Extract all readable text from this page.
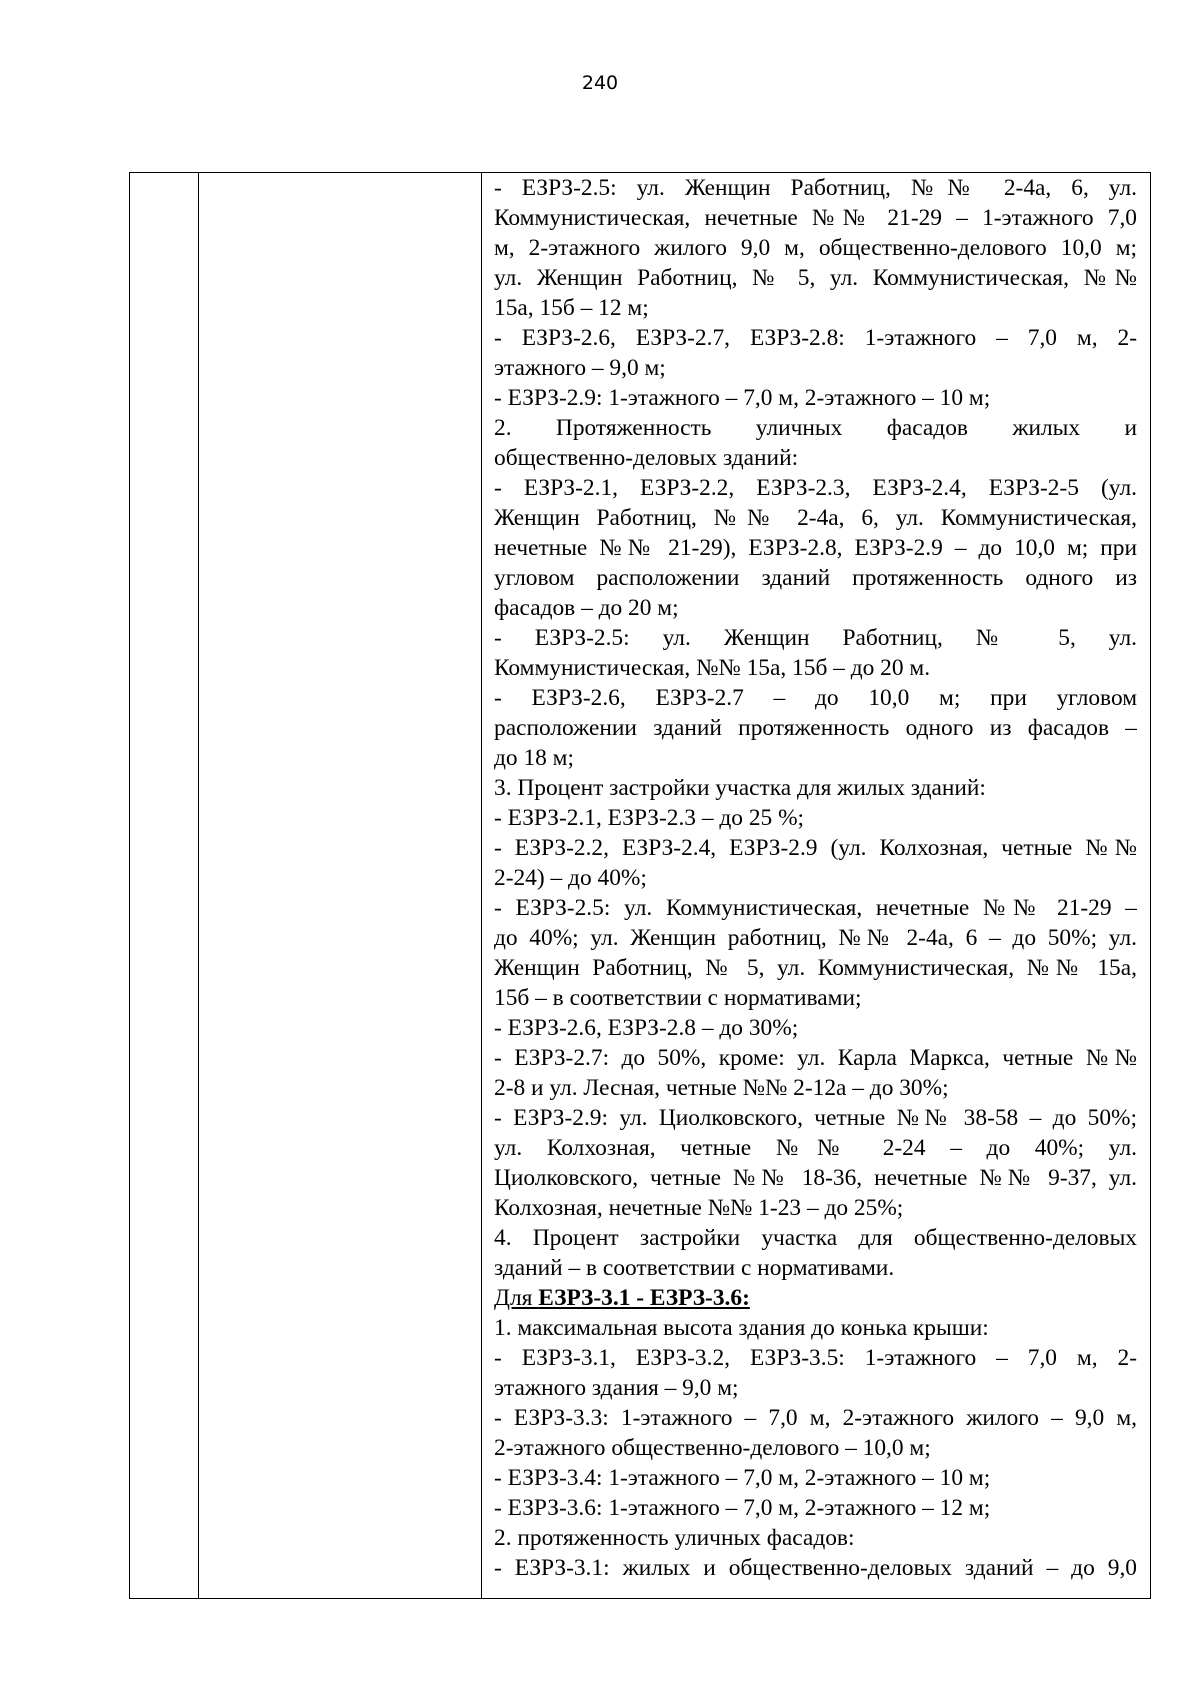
240

- ЕЗРЗ-2.5: ул. Женщин Работниц, №№ 2-4а, 6, ул.
Коммунистическая, нечетные №№ 21-29 – 1-этажного 7,0
м, 2-этажного жилого 9,0 м, общественно-делового 10,0 м;
ул. Женщин Работниц, № 5, ул. Коммунистическая, №№
15а, 15б – 12 м;
- ЕЗРЗ-2.6, ЕЗРЗ-2.7, ЕЗРЗ-2.8: 1-этажного – 7,0 м, 2-
этажного – 9,0 м;
- ЕЗРЗ-2.9: 1-этажного – 7,0 м, 2-этажного – 10 м;
2. Протяженность уличных фасадов жилых и
общественно-деловых зданий:
- ЕЗРЗ-2.1, ЕЗРЗ-2.2, ЕЗРЗ-2.3, ЕЗРЗ-2.4, ЕЗРЗ-2-5 (ул.
Женщин Работниц, №№ 2-4а, 6, ул. Коммунистическая,
нечетные №№ 21-29), ЕЗРЗ-2.8, ЕЗРЗ-2.9 – до 10,0 м; при
угловом расположении зданий протяженность одного из
фасадов – до 20 м;
- ЕЗРЗ-2.5: ул. Женщин Работниц, № 5, ул.
Коммунистическая, №№ 15а, 15б – до 20 м.
- ЕЗРЗ-2.6, ЕЗРЗ-2.7 – до 10,0 м; при угловом
расположении зданий протяженность одного из фасадов –
до 18 м;
3. Процент застройки участка для жилых зданий:
- ЕЗРЗ-2.1, ЕЗРЗ-2.3 – до 25 %;
- ЕЗРЗ-2.2, ЕЗРЗ-2.4, ЕЗРЗ-2.9 (ул. Колхозная, четные №№
2-24) – до 40%;
- ЕЗРЗ-2.5: ул. Коммунистическая, нечетные №№ 21-29 –
до 40%; ул. Женщин работниц, №№ 2-4а, 6 – до 50%; ул.
Женщин Работниц, № 5, ул. Коммунистическая, №№ 15а,
15б – в соответствии с нормативами;
- ЕЗРЗ-2.6, ЕЗРЗ-2.8 – до 30%;
- ЕЗРЗ-2.7: до 50%, кроме: ул. Карла Маркса, четные №№
2-8 и ул. Лесная, четные №№ 2-12а – до 30%;
- ЕЗРЗ-2.9: ул. Циолковского, четные №№ 38-58 – до 50%;
ул. Колхозная, четные №№ 2-24 – до 40%; ул.
Циолковского, четные №№ 18-36, нечетные №№ 9-37, ул.
Колхозная, нечетные №№ 1-23 – до 25%;
4. Процент застройки участка для общественно-деловых
зданий – в соответствии с нормативами.
Для ЕЗРЗ-3.1 - ЕЗРЗ-3.6:
1. максимальная высота здания до конька крыши:
- ЕЗРЗ-3.1, ЕЗРЗ-3.2, ЕЗРЗ-3.5: 1-этажного – 7,0 м, 2-
этажного здания – 9,0 м;
- ЕЗРЗ-3.3: 1-этажного – 7,0 м, 2-этажного жилого – 9,0 м,
2-этажного общественно-делового – 10,0 м;
- ЕЗРЗ-3.4: 1-этажного – 7,0 м, 2-этажного – 10 м;
- ЕЗРЗ-3.6: 1-этажного – 7,0 м, 2-этажного – 12 м;
2. протяженность уличных фасадов:
- ЕЗРЗ-3.1: жилых и общественно-деловых зданий – до 9,0
